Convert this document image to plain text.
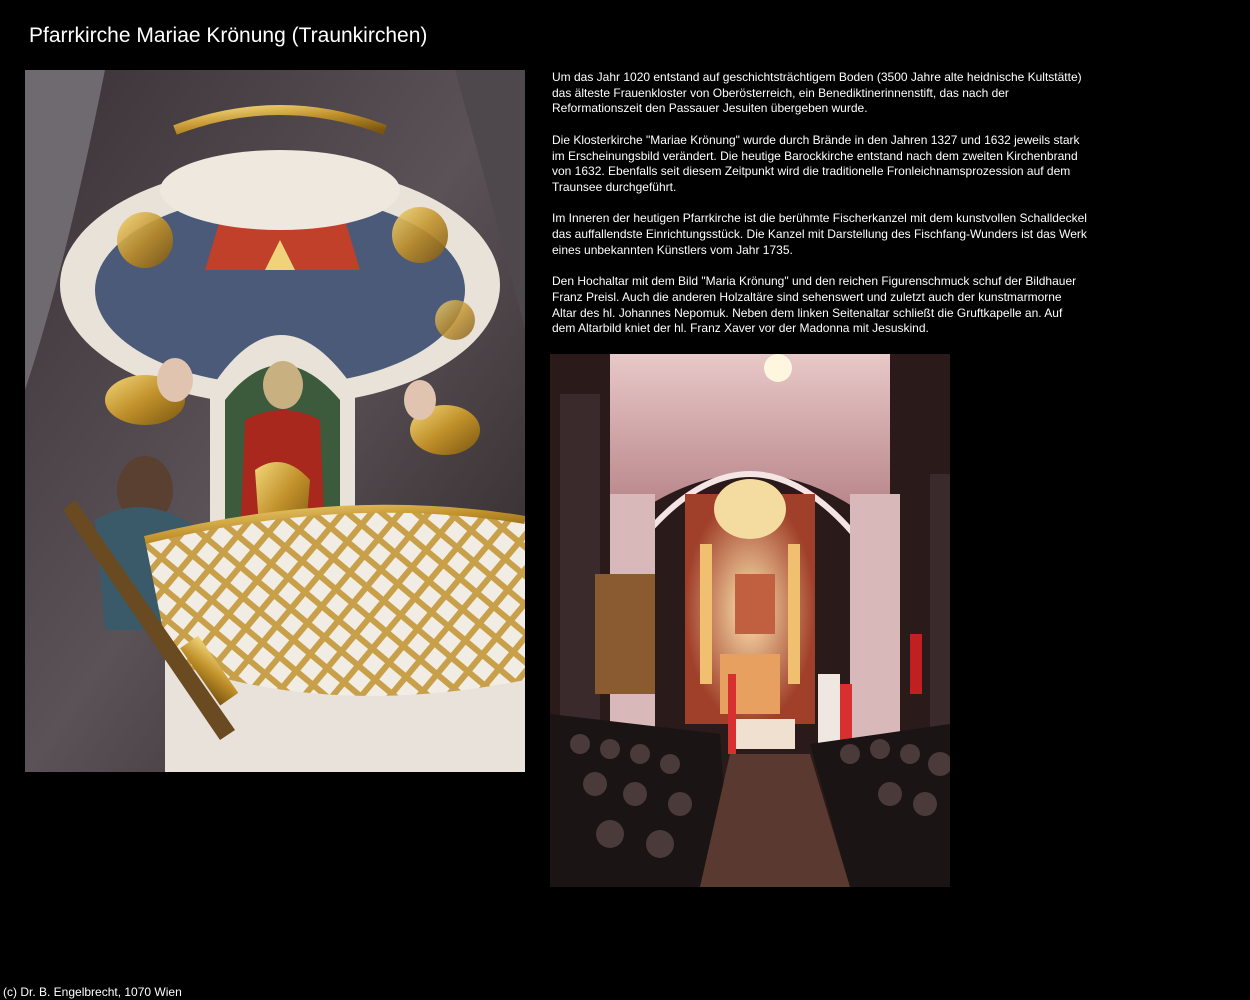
Pfarrkirche Mariae Krönung (Traunkirchen)

Um das Jahr 1020 entstand auf geschichtsträchtigem Boden (3500 Jahre alte heidnische Kultstätte) das älteste Frauenkloster von Oberösterreich, ein Benediktinerinnenstift, das nach der Reformationszeit den Passauer Jesuiten übergeben wurde.

Die Klosterkirche "Mariae Krönung" wurde durch Brände in den Jahren 1327 und 1632 jeweils stark im Erscheinungsbild verändert. Die heutige Barockkirche entstand nach dem zweiten Kirchenbrand von 1632. Ebenfalls seit diesem Zeitpunkt wird die traditionelle Fronleichnamsprozession auf dem Traunsee durchgeführt.

Im Inneren der heutigen Pfarrkirche ist die berühmte Fischerkanzel mit dem kunstvollen Schalldeckel das auffallendste Einrichtungsstück. Die Kanzel mit Darstellung des Fischfang-Wunders ist das Werk eines unbekannten Künstlers vom Jahr 1735.

Den Hochaltar mit dem Bild "Maria Krönung" und den reichen Figurenschmuck schuf der Bildhauer Franz Preisl. Auch die anderen Holzaltäre sind sehenswert und zuletzt auch der kunstmarmorne Altar des hl. Johannes Nepomuk. Neben dem linken Seitenaltar schließt die Gruftkapelle an. Auf dem Altarbild kniet der hl. Franz Xaver vor der Madonna mit Jesuskind.

(c) Dr. B. Engelbrecht, 1070 Wien
